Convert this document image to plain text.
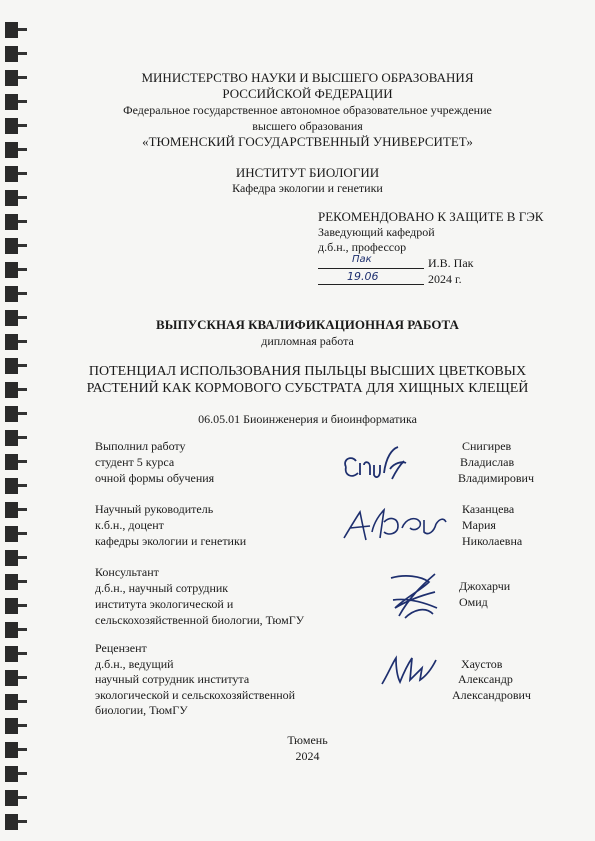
МИНИСТЕРСТВО НАУКИ И ВЫСШЕГО ОБРАЗОВАНИЯ
РОССИЙСКОЙ ФЕДЕРАЦИИ
Федеральное государственное автономное образовательное учреждение
высшего образования
«ТЮМЕНСКИЙ ГОСУДАРСТВЕННЫЙ УНИВЕРСИТЕТ»
ИНСТИТУТ БИОЛОГИИ
Кафедра экологии и генетики
РЕКОМЕНДОВАНО К ЗАЩИТЕ В ГЭК
Заведующий кафедрой
д.б.н., профессор
Пак	И.В. Пак
19.06	2024 г.
ВЫПУСКНАЯ КВАЛИФИКАЦИОННАЯ РАБОТА
дипломная работа
ПОТЕНЦИАЛ ИСПОЛЬЗОВАНИЯ ПЫЛЬЦЫ ВЫСШИХ ЦВЕТКОВЫХ
РАСТЕНИЙ КАК КОРМОВОГО СУБСТРАТА ДЛЯ ХИЩНЫХ КЛЕЩЕЙ
06.05.01 Биоинженерия и биоинформатика
Выполнил работу
студент 5 курса
очной формы обучения
Снигирев
Владислав
Владимирович
Научный руководитель
к.б.н., доцент
кафедры экологии и генетики
Казанцева
Мария
Николаевна
Консультант
д.б.н., научный сотрудник
института экологической и
сельскохозяйственной биологии, ТюмГУ
Джохарчи
Омид
Рецензент
д.б.н., ведущий
научный сотрудник института
экологической и сельскохозяйственной
биологии, ТюмГУ
Хаустов
Александр
Александрович
Тюмень
2024
